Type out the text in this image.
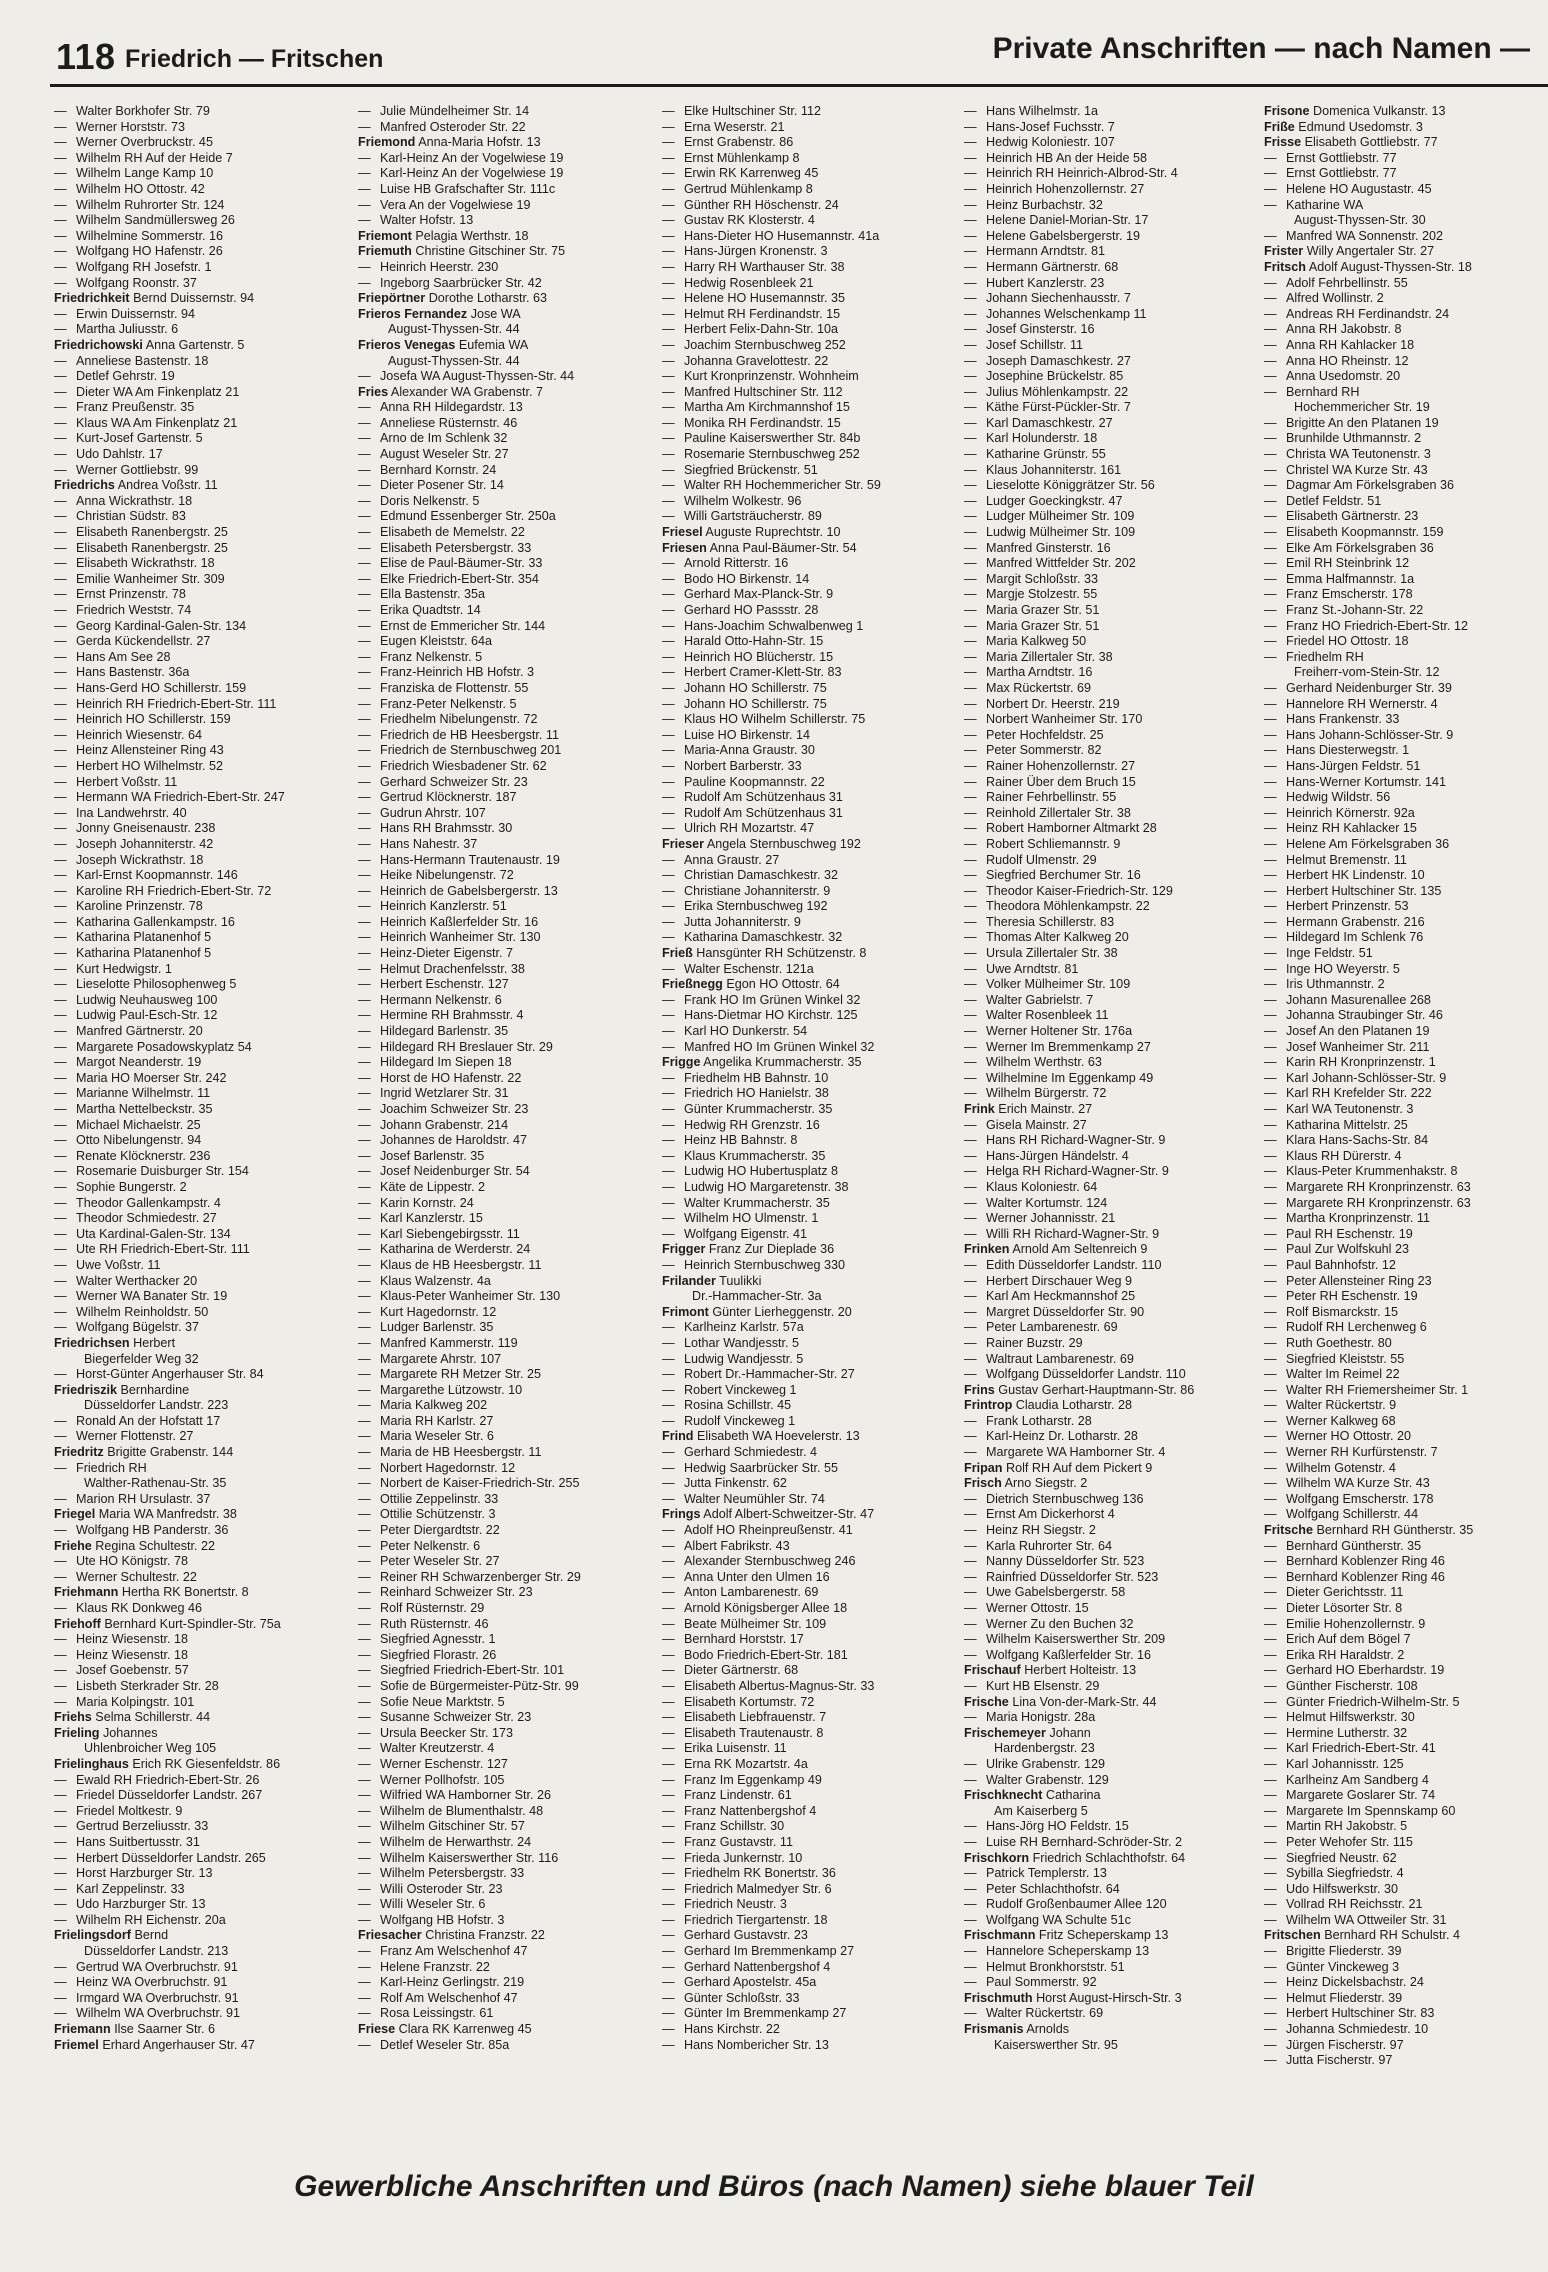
118 Friedrich — Fritschen	Private Anschriften — nach Namen —
— Walter Borkhofer Str. 79
— Werner Horststr. 73
— Werner Overbruckstr. 45
— Wilhelm RH Auf der Heide 7
— Wilhelm Lange Kamp 10
— Wilhelm HO Ottostr. 42
— Wilhelm Ruhrorter Str. 124
— Wilhelm Sandmüllersweg 26
— Wilhelmine Sommerstr. 16
— Wolfgang HO Hafenstr. 26
— Wolfgang RH Josefstr. 1
— Wolfgang Roonstr. 37
Friedrichkeit Bernd Duissernstr. 94
— Erwin Duissernstr. 94
— Martha Juliusstr. 6
Friedrichowski Anna Gartenstr. 5
— Anneliese Bastenstr. 18
— Detlef Gehrstr. 19
— Dieter WA Am Finkenplatz 21
— Franz Preußenstr. 35
— Klaus WA Am Finkenplatz 21
— Kurt-Josef Gartenstr. 5
— Udo Dahlstr. 17
— Werner Gottliebstr. 99
Friedrichs Andrea Voßstr. 11
— Anna Wickrathstr. 18
— Christian Südstr. 83
— Elisabeth Ranenbergstr. 25
— Elisabeth Ranenbergstr. 25
— Elisabeth Wickrathstr. 18
— Emilie Wanheimer Str. 309
— Ernst Prinzenstr. 78
— Friedrich Weststr. 74
— Georg Kardinal-Galen-Str. 134
— Gerda Kückendellstr. 27
— Hans Am See 28
— Hans Bastenstr. 36a
— Hans-Gerd HO Schillerstr. 159
— Heinrich RH Friedrich-Ebert-Str. 111
— Heinrich HO Schillerstr. 159
— Heinrich Wiesenstr. 64
— Heinz Allensteiner Ring 43
— Herbert HO Wilhelmstr. 52
— Herbert Voßstr. 11
— Hermann WA Friedrich-Ebert-Str. 247
— Ina Landwehrstr. 40
— Jonny Gneisenaustr. 238
— Joseph Johanniterstr. 42
— Joseph Wickrathstr. 18
— Karl-Ernst Koopmannstr. 146
— Karoline RH Friedrich-Ebert-Str. 72
— Karoline Prinzenstr. 78
— Katharina Gallenkampstr. 16
— Katharina Platanenhof 5
— Katharina Platanenhof 5
— Kurt Hedwigstr. 1
— Lieselotte Philosophenweg 5
— Ludwig Neuhausweg 100
— Ludwig Paul-Esch-Str. 12
— Manfred Gärtnerstr. 20
— Margarete Posadowskyplatz 54
— Margot Neanderstr. 19
— Maria HO Moerser Str. 242
— Marianne Wilhelmstr. 11
— Martha Nettelbeckstr. 35
— Michael Michaelstr. 25
— Otto Nibelungenstr. 94
— Renate Klöcknerstr. 236
— Rosemarie Duisburger Str. 154
— Sophie Bungerstr. 2
— Theodor Gallenkampstr. 4
— Theodor Schmiedestr. 27
— Uta Kardinal-Galen-Str. 134
— Ute RH Friedrich-Ebert-Str. 111
— Uwe Voßstr. 11
— Walter Werthacker 20
— Werner WA Banater Str. 19
— Wilhelm Reinholdstr. 50
— Wolfgang Bügelstr. 37
Friedrichsen Herbert
Biegerfelder Weg 32
— Horst-Günter Angerhauser Str. 84
Friedriszik Bernhardine
Düsseldorfer Landstr. 223
— Ronald An der Hofstatt 17
— Werner Flottenstr. 27
Friedritz Brigitte Grabenstr. 144
— Friedrich RH
Walther-Rathenau-Str. 35
— Marion RH Ursulastr. 37
Friegel Maria WA Manfredstr. 38
— Wolfgang HB Panderstr. 36
Friehe Regina Schultestr. 22
— Ute HO Königstr. 78
— Werner Schultestr. 22
Friehmann Hertha RK Bonertstr. 8
— Klaus RK Donkweg 46
Friehoff Bernhard Kurt-Spindler-Str. 75a
— Heinz Wiesenstr. 18
— Heinz Wiesenstr. 18
— Josef Goebenstr. 57
— Lisbeth Sterkrader Str. 28
— Maria Kolpingstr. 101
Friehs Selma Schillerstr. 44
Frieling Johannes
Uhlenbroicher Weg 105
Frielinghaus Erich RK Giesenfeldstr. 86
— Ewald RH Friedrich-Ebert-Str. 26
— Friedel Düsseldorfer Landstr. 267
— Friedel Moltkestr. 9
— Gertrud Berzeliusstr. 33
— Hans Suitbertusstr. 31
— Herbert Düsseldorfer Landstr. 265
— Horst Harzburger Str. 13
— Karl Zeppelinstr. 33
— Udo Harzburger Str. 13
— Wilhelm RH Eichenstr. 20a
Frielingsdorf Bernd
Düsseldorfer Landstr. 213
— Gertrud WA Overbruchstr. 91
— Heinz WA Overbruchstr. 91
— Irmgard WA Overbruchstr. 91
— Wilhelm WA Overbruchstr. 91
Friemann Ilse Saarner Str. 6
Friemel Erhard Angerhauser Str. 47
— Julie Mündelheimer Str. 14
— Manfred Osteroder Str. 22
Friemond Anna-Maria Hofstr. 13
— Karl-Heinz An der Vogelwiese 19
— Karl-Heinz An der Vogelwiese 19
— Luise HB Grafschafter Str. 111c
— Vera An der Vogelwiese 19
— Walter Hofstr. 13
Friemont Pelagia Werthstr. 18
Friemuth Christine Gitschiner Str. 75
— Heinrich Heerstr. 230
— Ingeborg Saarbrücker Str. 42
Friepörtner Dorothe Lotharstr. 63
Frieros Fernandez Jose WA
August-Thyssen-Str. 44
Frieros Venegas Eufemia WA
August-Thyssen-Str. 44
— Josefa WA August-Thyssen-Str. 44
Fries Alexander WA Grabenstr. 7
— Anna RH Hildegardstr. 13
— Anneliese Rüsternstr. 46
— Arno de Im Schlenk 32
— August Weseler Str. 27
— Bernhard Kornstr. 24
— Dieter Posener Str. 14
— Doris Nelkenstr. 5
— Edmund Essenberger Str. 250a
— Elisabeth de Memelstr. 22
— Elisabeth Petersbergstr. 33
— Elise de Paul-Bäumer-Str. 33
— Elke Friedrich-Ebert-Str. 354
— Ella Bastenstr. 35a
— Erika Quadtstr. 14
— Ernst de Emmericher Str. 144
— Eugen Kleiststr. 64a
— Franz Nelkenstr. 5
— Franz-Heinrich HB Hofstr. 3
— Franziska de Flottenstr. 55
— Franz-Peter Nelkenstr. 5
— Friedhelm Nibelungenstr. 72
— Friedrich de HB Heesbergstr. 11
— Friedrich de Sternbuschweg 201
— Friedrich Wiesbadener Str. 62
— Gerhard Schweizer Str. 23
— Gertrud Klöcknerstr. 187
— Gudrun Ahrstr. 107
— Hans RH Brahmsstr. 30
— Hans Nahestr. 37
— Hans-Hermann Trautenaustr. 19
— Heike Nibelungenstr. 72
— Heinrich de Gabelsbergerstr. 13
— Heinrich Kanzlerstr. 51
— Heinrich Kaßlerfelder Str. 16
— Heinrich Wanheimer Str. 130
— Heinz-Dieter Eigenstr. 7
— Helmut Drachenfelsstr. 38
— Herbert Eschenstr. 127
— Hermann Nelkenstr. 6
— Hermine RH Brahmsstr. 4
— Hildegard Barlenstr. 35
— Hildegard RH Breslauer Str. 29
— Hildegard Im Siepen 18
— Horst de HO Hafenstr. 22
— Ingrid Wetzlarer Str. 31
— Joachim Schweizer Str. 23
— Johann Grabenstr. 214
— Johannes de Haroldstr. 47
— Josef Barlenstr. 35
— Josef Neidenburger Str. 54
— Käte de Lippestr. 2
— Karin Kornstr. 24
— Karl Kanzlerstr. 15
— Karl Siebengebirgsstr. 11
— Katharina de Werderstr. 24
— Klaus de HB Heesbergstr. 11
— Klaus Walzenstr. 4a
— Klaus-Peter Wanheimer Str. 130
— Kurt Hagedornstr. 12
— Ludger Barlenstr. 35
— Manfred Kammerstr. 119
— Margarete Ahrstr. 107
— Margarete RH Metzer Str. 25
— Margarethe Lützowstr. 10
— Maria Kalkweg 202
— Maria RH Karlstr. 27
— Maria Weseler Str. 6
— Maria de HB Heesbergstr. 11
— Norbert Hagedornstr. 12
— Norbert de Kaiser-Friedrich-Str. 255
— Ottilie Zeppelinstr. 33
— Ottilie Schützenstr. 3
— Peter Diergardtstr. 22
— Peter Nelkenstr. 6
— Peter Weseler Str. 27
— Reiner RH Schwarzenberger Str. 29
— Reinhard Schweizer Str. 23
— Rolf Rüsternstr. 29
— Ruth Rüsternstr. 46
— Siegfried Agnesstr. 1
— Siegfried Florastr. 26
— Siegfried Friedrich-Ebert-Str. 101
— Sofie de Bürgermeister-Pütz-Str. 99
— Sofie Neue Marktstr. 5
— Susanne Schweizer Str. 23
— Ursula Beecker Str. 173
— Walter Kreutzerstr. 4
— Werner Eschenstr. 127
— Werner Pollhofstr. 105
— Wilfried WA Hamborner Str. 26
— Wilhelm de Blumenthalstr. 48
— Wilhelm Gitschiner Str. 57
— Wilhelm de Herwarthstr. 24
— Wilhelm Kaiserswerther Str. 116
— Wilhelm Petersbergstr. 33
— Willi Osteroder Str. 23
— Willi Weseler Str. 6
— Wolfgang HB Hofstr. 3
Friesacher Christina Franzstr. 22
— Franz Am Welschenhof 47
— Helene Franzstr. 22
— Karl-Heinz Gerlingstr. 219
— Rolf Am Welschenhof 47
— Rosa Leissingstr. 61
Friese Clara RK Karrenweg 45
— Detlef Weseler Str. 85a
— Elke Hultschiner Str. 112
— Erna Weserstr. 21
— Ernst Grabenstr. 86
— Ernst Mühlenkamp 8
— Erwin RK Karrenweg 45
— Gertrud Mühlenkamp 8
— Günther RH Höschenstr. 24
— Gustav RK Klosterstr. 4
— Hans-Dieter HO Husemannstr. 41a
— Hans-Jürgen Kronenstr. 3
— Harry RH Warthauser Str. 38
— Hedwig Rosenbleek 21
— Helene HO Husemannstr. 35
— Helmut RH Ferdinandstr. 15
— Herbert Felix-Dahn-Str. 10a
— Joachim Sternbuschweg 252
— Johanna Gravelottestr. 22
— Kurt Kronprinzenstr. Wohnheim
— Manfred Hultschiner Str. 112
— Martha Am Kirchmannshof 15
— Monika RH Ferdinandstr. 15
— Pauline Kaiserswerther Str. 84b
— Rosemarie Sternbuschweg 252
— Siegfried Brückenstr. 51
— Walter RH Hochemmericher Str. 59
— Wilhelm Wolkestr. 96
— Willi Gartsträucherstr. 89
Friesel Auguste Ruprechtstr. 10
Friesen Anna Paul-Bäumer-Str. 54
— Arnold Ritterstr. 16
— Bodo HO Birkenstr. 14
— Gerhard Max-Planck-Str. 9
— Gerhard HO Passstr. 28
— Hans-Joachim Schwalbenweg 1
— Harald Otto-Hahn-Str. 15
— Heinrich HO Blücherstr. 15
— Herbert Cramer-Klett-Str. 83
— Johann HO Schillerstr. 75
— Johann HO Schillerstr. 75
— Klaus HO Wilhelm Schillerstr. 75
— Luise HO Birkenstr. 14
— Maria-Anna Graustr. 30
— Norbert Barberstr. 33
— Pauline Koopmannstr. 22
— Rudolf Am Schützenhaus 31
— Rudolf Am Schützenhaus 31
— Ulrich RH Mozartstr. 47
Frieser Angela Sternbuschweg 192
— Anna Graustr. 27
— Christian Damaschkestr. 32
— Christiane Johanniterstr. 9
— Erika Sternbuschweg 192
— Jutta Johanniterstr. 9
— Katharina Damaschkestr. 32
Frieß Hansgünter RH Schützenstr. 8
— Walter Eschenstr. 121a
Frießnegg Egon HO Ottostr. 64
— Frank HO Im Grünen Winkel 32
— Hans-Dietmar HO Kirchstr. 125
— Karl HO Dunkerstr. 54
— Manfred HO Im Grünen Winkel 32
Frigge Angelika Krummacherstr. 35
— Friedhelm HB Bahnstr. 10
— Friedrich HO Hanielstr. 38
— Günter Krummacherstr. 35
— Hedwig RH Grenzstr. 16
— Heinz HB Bahnstr. 8
— Klaus Krummacherstr. 35
— Ludwig HO Hubertusplatz 8
— Ludwig HO Margaretenstr. 38
— Walter Krummacherstr. 35
— Wilhelm HO Ulmenstr. 1
— Wolfgang Eigenstr. 41
Frigger Franz Zur Dieplade 36
— Heinrich Sternbuschweg 330
Frilander Tuulikki
Dr.-Hammacher-Str. 3a
Frimont Günter Lierheggenstr. 20
— Karlheinz Karlstr. 57a
— Lothar Wandjesstr. 5
— Ludwig Wandjesstr. 5
— Robert Dr.-Hammacher-Str. 27
— Robert Vinckeweg 1
— Rosina Schillstr. 45
— Rudolf Vinckeweg 1
Frind Elisabeth WA Hoevelerstr. 13
— Gerhard Schmiedestr. 4
— Hedwig Saarbrücker Str. 55
— Jutta Finkenstr. 62
— Walter Neumühler Str. 74
Frings Adolf Albert-Schweitzer-Str. 47
— Adolf HO Rheinpreußenstr. 41
— Albert Fabrikstr. 43
— Alexander Sternbuschweg 246
— Anna Unter den Ulmen 16
— Anton Lambarenestr. 69
— Arnold Königsberger Allee 18
— Beate Mülheimer Str. 109
— Bernhard Horststr. 17
— Bodo Friedrich-Ebert-Str. 181
— Dieter Gärtnerstr. 68
— Elisabeth Albertus-Magnus-Str. 33
— Elisabeth Kortumstr. 72
— Elisabeth Liebfrauenstr. 7
— Elisabeth Trautenaustr. 8
— Erika Luisenstr. 11
— Erna RK Mozartstr. 4a
— Franz Im Eggenkamp 49
— Franz Lindenstr. 61
— Franz Nattenbergshof 4
— Franz Schillstr. 30
— Franz Gustavstr. 11
— Frieda Junkernstr. 10
— Friedhelm RK Bonertstr. 36
— Friedrich Malmedyer Str. 6
— Friedrich Neustr. 3
— Friedrich Tiergartenstr. 18
— Gerhard Gustavstr. 23
— Gerhard Im Bremmenkamp 27
— Gerhard Nattenbergshof 4
— Gerhard Apostelstr. 45a
— Günter Schloßstr. 33
— Günter Im Bremmenkamp 27
— Hans Kirchstr. 22
— Hans Nombericher Str. 13
— Hans Wilhelmstr. 1a
— Hans-Josef Fuchsstr. 7
— Hedwig Koloniestr. 107
— Heinrich HB An der Heide 58
— Heinrich RH Heinrich-Albrod-Str. 4
— Heinrich Hohenzollernstr. 27
— Heinz Burbachstr. 32
— Helene Daniel-Morian-Str. 17
— Helene Gabelsbergerstr. 19
— Hermann Arndtstr. 81
— Hermann Gärtnerstr. 68
— Hubert Kanzlerstr. 23
— Johann Siechenhausstr. 7
— Johannes Welschenkamp 11
— Josef Ginsterstr. 16
— Josef Schillstr. 11
— Joseph Damaschkestr. 27
— Josephine Brückelstr. 85
— Julius Möhlenkampstr. 22
— Käthe Fürst-Pückler-Str. 7
— Karl Damaschkestr. 27
— Karl Holunderstr. 18
— Katharine Grünstr. 55
— Klaus Johanniterstr. 161
— Lieselotte Königgrätzer Str. 56
— Ludger Goeckingkstr. 47
— Ludger Mülheimer Str. 109
— Ludwig Mülheimer Str. 109
— Manfred Ginsterstr. 16
— Manfred Wittfelder Str. 202
— Margit Schloßstr. 33
— Margje Stolzestr. 55
— Maria Grazer Str. 51
— Maria Grazer Str. 51
— Maria Kalkweg 50
— Maria Zillertaler Str. 38
— Martha Arndtstr. 16
— Max Rückertstr. 69
— Norbert Dr. Heerstr. 219
— Norbert Wanheimer Str. 170
— Peter Hochfeldstr. 25
— Peter Sommerstr. 82
— Rainer Hohenzollernstr. 27
— Rainer Über dem Bruch 15
— Rainer Fehrbellinstr. 55
— Reinhold Zillertaler Str. 38
— Robert Hamborner Altmarkt 28
— Robert Schliemannstr. 9
— Rudolf Ulmenstr. 29
— Siegfried Berchumer Str. 16
— Theodor Kaiser-Friedrich-Str. 129
— Theodora Möhlenkampstr. 22
— Theresia Schillerstr. 83
— Thomas Alter Kalkweg 20
— Ursula Zillertaler Str. 38
— Uwe Arndtstr. 81
— Volker Mülheimer Str. 109
— Walter Gabrielstr. 7
— Walter Rosenbleek 11
— Werner Holtener Str. 176a
— Werner Im Bremmenkamp 27
— Wilhelm Werthstr. 63
— Wilhelmine Im Eggenkamp 49
— Wilhelm Bürgerstr. 72
Frink Erich Mainstr. 27
— Gisela Mainstr. 27
— Hans RH Richard-Wagner-Str. 9
— Hans-Jürgen Händelstr. 4
— Helga RH Richard-Wagner-Str. 9
— Klaus Koloniestr. 64
— Walter Kortumstr. 124
— Werner Johannisstr. 21
— Willi RH Richard-Wagner-Str. 9
Frinken Arnold Am Seltenreich 9
— Edith Düsseldorfer Landstr. 110
— Herbert Dirschauer Weg 9
— Karl Am Heckmannshof 25
— Margret Düsseldorfer Str. 90
— Peter Lambarenestr. 69
— Rainer Buzstr. 29
— Waltraut Lambarenestr. 69
— Wolfgang Düsseldorfer Landstr. 110
Frins Gustav Gerhart-Hauptmann-Str. 86
Frintrop Claudia Lotharstr. 28
— Frank Lotharstr. 28
— Karl-Heinz Dr. Lotharstr. 28
— Margarete WA Hamborner Str. 4
Fripan Rolf RH Auf dem Pickert 9
Frisch Arno Siegstr. 2
— Dietrich Sternbuschweg 136
— Ernst Am Dickerhorst 4
— Heinz RH Siegstr. 2
— Karla Ruhrorter Str. 64
— Nanny Düsseldorfer Str. 523
— Rainfried Düsseldorfer Str. 523
— Uwe Gabelsbergerstr. 58
— Werner Ottostr. 15
— Werner Zu den Buchen 32
— Wilhelm Kaiserswerther Str. 209
— Wolfgang Kaßlerfelder Str. 16
Frischauf Herbert Holteistr. 13
— Kurt HB Elsenstr. 29
Frische Lina Von-der-Mark-Str. 44
— Maria Honigstr. 28a
Frischemeyer Johann
Hardenbergstr. 23
— Ulrike Grabenstr. 129
— Walter Grabenstr. 129
Frischknecht Catharina
Am Kaiserberg 5
— Hans-Jörg HO Feldstr. 15
— Luise RH Bernhard-Schröder-Str. 2
Frischkorn Friedrich Schlachthofstr. 64
— Patrick Templerstr. 13
— Peter Schlachthofstr. 64
— Rudolf Großenbaumer Allee 120
— Wolfgang WA Schulte 51c
Frischmann Fritz Scheperskamp 13
— Hannelore Scheperskamp 13
— Helmut Bronkhorststr. 51
— Paul Sommerstr. 92
Frischmuth Horst August-Hirsch-Str. 3
— Walter Rückertstr. 69
Frismanis Arnolds
Kaiserswerther Str. 95
Frisone Domenica Vulkanstr. 13
Friße Edmund Usedomstr. 3
Frisse Elisabeth Gottliebstr. 77
— Ernst Gottliebstr. 77
— Ernst Gottliebstr. 77
— Helene HO Augustastr. 45
— Katharine WA
August-Thyssen-Str. 30
— Manfred WA Sonnenstr. 202
Frister Willy Angertaler Str. 27
Fritsch Adolf August-Thyssen-Str. 18
— Adolf Fehrbellinstr. 55
— Alfred Wollinstr. 2
— Andreas RH Ferdinandstr. 24
— Anna RH Jakobstr. 8
— Anna RH Kahlacker 18
— Anna HO Rheinstr. 12
— Anna Usedomstr. 20
— Bernhard RH
Hochemmericher Str. 19
— Brigitte An den Platanen 19
— Brunhilde Uthmannstr. 2
— Christa WA Teutonenstr. 3
— Christel WA Kurze Str. 43
— Dagmar Am Förkelsgraben 36
— Detlef Feldstr. 51
— Elisabeth Gärtnerstr. 23
— Elisabeth Koopmannstr. 159
— Elke Am Förkelsgraben 36
— Emil RH Steinbrink 12
— Emma Halfmannstr. 1a
— Franz Emscherstr. 178
— Franz St.-Johann-Str. 22
— Franz HO Friedrich-Ebert-Str. 12
— Friedel HO Ottostr. 18
— Friedhelm RH
Freiherr-vom-Stein-Str. 12
— Gerhard Neidenburger Str. 39
— Hannelore RH Wernerstr. 4
— Hans Frankenstr. 33
— Hans Johann-Schlösser-Str. 9
— Hans Diesterwegstr. 1
— Hans-Jürgen Feldstr. 51
— Hans-Werner Kortumstr. 141
— Hedwig Wildstr. 56
— Heinrich Körnerstr. 92a
— Heinz RH Kahlacker 15
— Helene Am Förkelsgraben 36
— Helmut Bremenstr. 11
— Herbert HK Lindenstr. 10
— Herbert Hultschiner Str. 135
— Herbert Prinzenstr. 53
— Hermann Grabenstr. 216
— Hildegard Im Schlenk 76
— Inge Feldstr. 51
— Inge HO Weyerstr. 5
— Iris Uthmannstr. 2
— Johann Masurenallee 268
— Johanna Straubinger Str. 46
— Josef An den Platanen 19
— Josef Wanheimer Str. 211
— Karin RH Kronprinzenstr. 1
— Karl Johann-Schlösser-Str. 9
— Karl RH Krefelder Str. 222
— Karl WA Teutonenstr. 3
— Katharina Mittelstr. 25
— Klara Hans-Sachs-Str. 84
— Klaus RH Dürerstr. 4
— Klaus-Peter Krummenhakstr. 8
— Margarete RH Kronprinzenstr. 63
— Margarete RH Kronprinzenstr. 63
— Martha Kronprinzenstr. 11
— Paul RH Eschenstr. 19
— Paul Zur Wolfskuhl 23
— Paul Bahnhofstr. 12
— Peter Allensteiner Ring 23
— Peter RH Eschenstr. 19
— Rolf Bismarckstr. 15
— Rudolf RH Lerchenweg 6
— Ruth Goethestr. 80
— Siegfried Kleiststr. 55
— Walter Im Reimel 22
— Walter RH Friemersheimer Str. 1
— Walter Rückertstr. 9
— Werner Kalkweg 68
— Werner HO Ottostr. 20
— Werner RH Kurfürstenstr. 7
— Wilhelm Gotenstr. 4
— Wilhelm WA Kurze Str. 43
— Wolfgang Emscherstr. 178
— Wolfgang Schillerstr. 44
Fritsche Bernhard RH Güntherstr. 35
— Bernhard Güntherstr. 35
— Bernhard Koblenzer Ring 46
— Bernhard Koblenzer Ring 46
— Dieter Gerichtsstr. 11
— Dieter Lösorter Str. 8
— Emilie Hohenzollernstr. 9
— Erich Auf dem Bögel 7
— Erika RH Haraldstr. 2
— Gerhard HO Eberhardstr. 19
— Günther Fischerstr. 108
— Günter Friedrich-Wilhelm-Str. 5
— Helmut Hilfswerkstr. 30
— Hermine Lutherstr. 32
— Karl Friedrich-Ebert-Str. 41
— Karl Johannisstr. 125
— Karlheinz Am Sandberg 4
— Margarete Goslarer Str. 74
— Margarete Im Spennskamp 60
— Martin RH Jakobstr. 5
— Peter Wehofer Str. 115
— Siegfried Neustr. 62
— Sybilla Siegfriedstr. 4
— Udo Hilfswerkstr. 30
— Vollrad RH Reichsstr. 21
— Wilhelm WA Ottweiler Str. 31
Fritschen Bernhard RH Schulstr. 4
— Brigitte Fliederstr. 39
— Günter Vinckeweg 3
— Heinz Dickelsbachstr. 24
— Helmut Fliederstr. 39
— Herbert Hultschiner Str. 83
— Johanna Schmiedestr. 10
— Jürgen Fischerstr. 97
— Jutta Fischerstr. 97
Gewerbliche Anschriften und Büros (nach Namen) siehe blauer Teil
